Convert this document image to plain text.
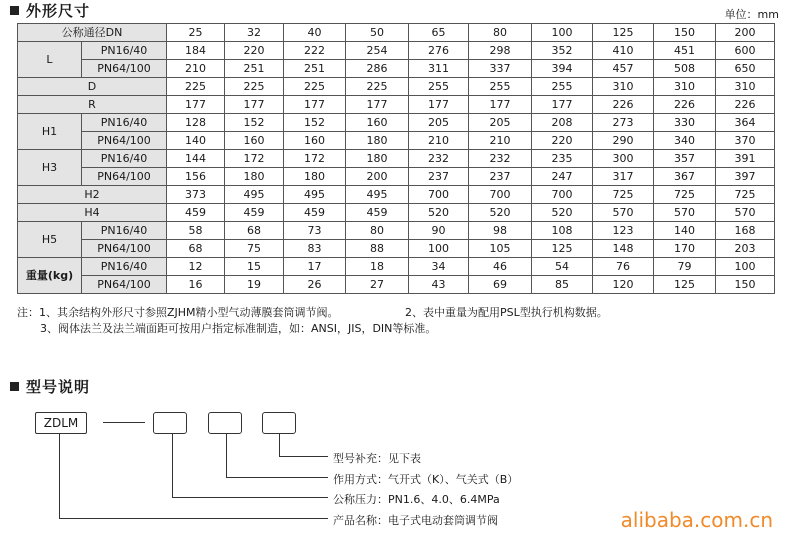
外形尺寸	单位：mm
公称通径DN		25	32	40	50	65	80	100	125	150	200
L	PN16/40	184	220	222	254	276	298	352	410	451	600
	PN64/100	210	251	251	286	311	337	394	457	508	650
D		225	225	225	225	255	255	255	310	310	310
R		177	177	177	177	177	177	177	226	226	226
H1	PN16/40	128	152	152	160	205	205	208	273	330	364
	PN64/100	140	160	160	180	210	210	220	290	340	370
H3	PN16/40	144	172	172	180	232	232	235	300	357	391
	PN64/100	156	180	180	200	237	237	247	317	367	397
H2		373	495	495	495	700	700	700	725	725	725
H4		459	459	459	459	520	520	520	570	570	570
H5	PN16/40	58	68	73	80	90	98	108	123	140	168
	PN64/100	68	75	83	88	100	105	125	148	170	203
重量(kg)	PN16/40	12	15	17	18	34	46	54	76	79	100
	PN64/100	16	19	26	27	43	69	85	120	125	150
注：1、其余结构外形尺寸参照ZJHM精小型气动薄膜套筒调节阀。	2、表中重量为配用PSL型执行机构数据。
3、阀体法兰及法兰端面距可按用户指定标准制造，如：ANSI，JIS，DIN等标准。
型号说明
ZDLM
型号补充：见下表
作用方式：气开式（K）、气关式（B）
公称压力：PN1.6、4.0、6.4MPa
产品名称：电子式电动套筒调节阀	alibaba.com.cn
